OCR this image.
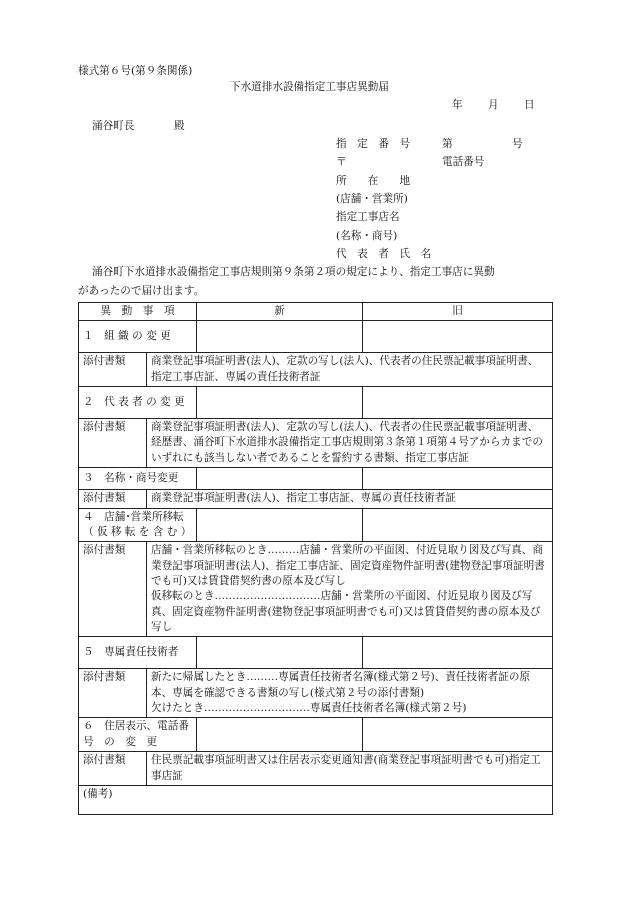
様式第６号(第９条関係)
下水道排水設備指定工事店異動届
年 月 日
涌谷町長	殿
指　定　番　号	第	号
〒	電話番号
所　　在　　地
(店舗・営業所)
指定工事店名
(名称・商号)
代　表　者　氏　名
涌谷町下水道排水設備指定工事店規則第９条第２項の規定により、指定工事店に異動
があったので届け出ます。
異　動　事　項		新	旧
１　組 織 の 変 更			
添付書類	商業登記事項証明書(法人)、定款の写し(法人)、代表者の住民票記載事項証明書、指定工事店証、専属の責任技術者証		
２　代 表 者 の 変 更			
添付書類	商業登記事項証明書(法人)、定款の写し(法人)、代表者の住民票記載事項証明書、経歴書、涌谷町下水道排水設備指定工事店規則第３条第１項第４号アからカまでのいずれにも該当しない者であることを誓約する書類、指定工事店証		
３　名称・商号変更			
添付書類	商業登記事項証明書(法人)、指定工事店証、専属の責任技術者証		
４　店舗･営業所移転（ 仮 移 転 を 含 む ）			
添付書類	店舗・営業所移転のとき………店舗・営業所の平面図、付近見取り図及び写真、商業登記事項証明書(法人)、指定工事店証、固定資産物件証明書(建物登記事項証明書でも可)又は賃貸借契約書の原本及び写し
仮移転のとき…………………………店舗・営業所の平面図、付近見取り図及び写真、固定資産物件証明書(建物登記事項証明書でも可)又は賃貸借契約書の原本及び写し		

５　専属責任技術者			
添付書類	新たに帰属したとき………専属責任技術者名簿(様式第２号)、責任技術者証の原本、専属を確認できる書類の写し(様式第２号の添付書類)
欠けたとき…………………………専属責任技術者名簿(様式第２号)		

６　住居表示、電話番　号　の　変　更			
添付書類	住民票記載事項証明書又は住居表示変更通知書(商業登記事項証明書でも可)指定工事店証		
(備考)			
